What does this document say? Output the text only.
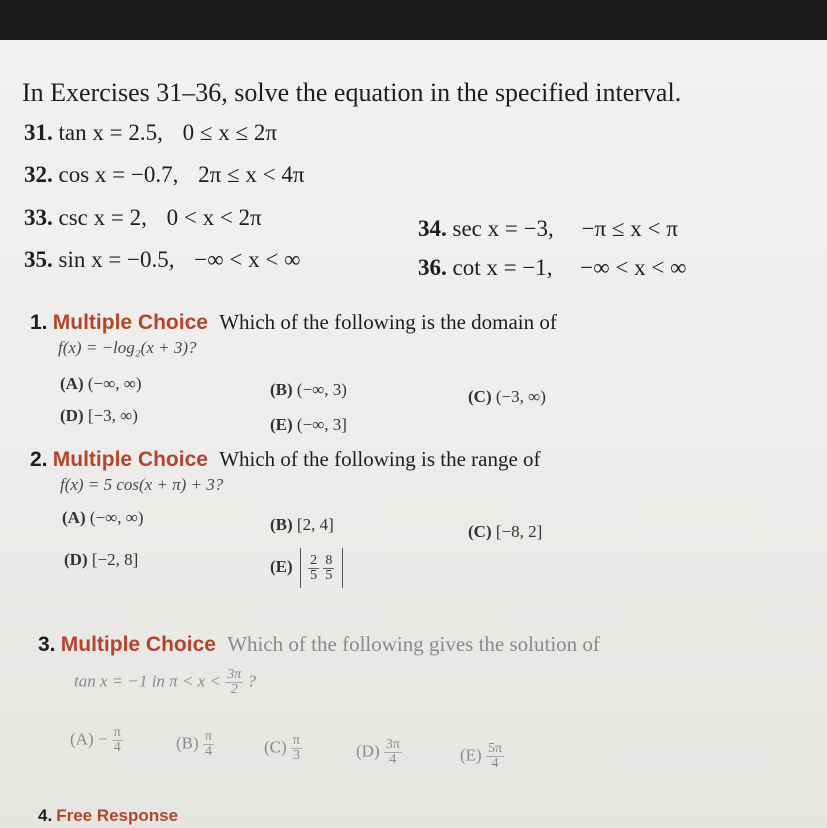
In Exercises 31–36, solve the equation in the specified interval.
31. tan x = 2.5, 0 ≤ x ≤ 2π
32. cos x = −0.7, 2π ≤ x < 4π
33. csc x = 2, 0 < x < 2π	34. sec x = −3, −π ≤ x < π
35. sin x = −0.5, −∞ < x < ∞	36. cot x = −1, −∞ < x < ∞
1. Multiple Choice Which of the following is the domain of
f(x) = −log₂(x + 3)?
(A) (−∞, ∞)	(B) (−∞, 3)	(C) (−3, ∞)
(D) [−3, ∞)	(E) (−∞, 3]
2. Multiple Choice Which of the following is the range of
f(x) = 5 cos(x + π) + 3?
(A) (−∞, ∞)	(B) [2, 4]	(C) [−8, 2]
(D) [−2, 8]	$(E) \frac{2}{5}$
$\frac{8}{5}$

3. Multiple Choice Which of the following gives the solution of
tan x = −1 in $\pi < x < \frac{3\pi}{2}$ ?
$(A) - \frac{\pi}{4}$	$(B) \frac{\pi}{4}$	$(C) \frac{\pi}{3}$	$(D) \frac{3\pi}{4}$	$(E) \frac{5\pi}{4}$
4. Free Response
